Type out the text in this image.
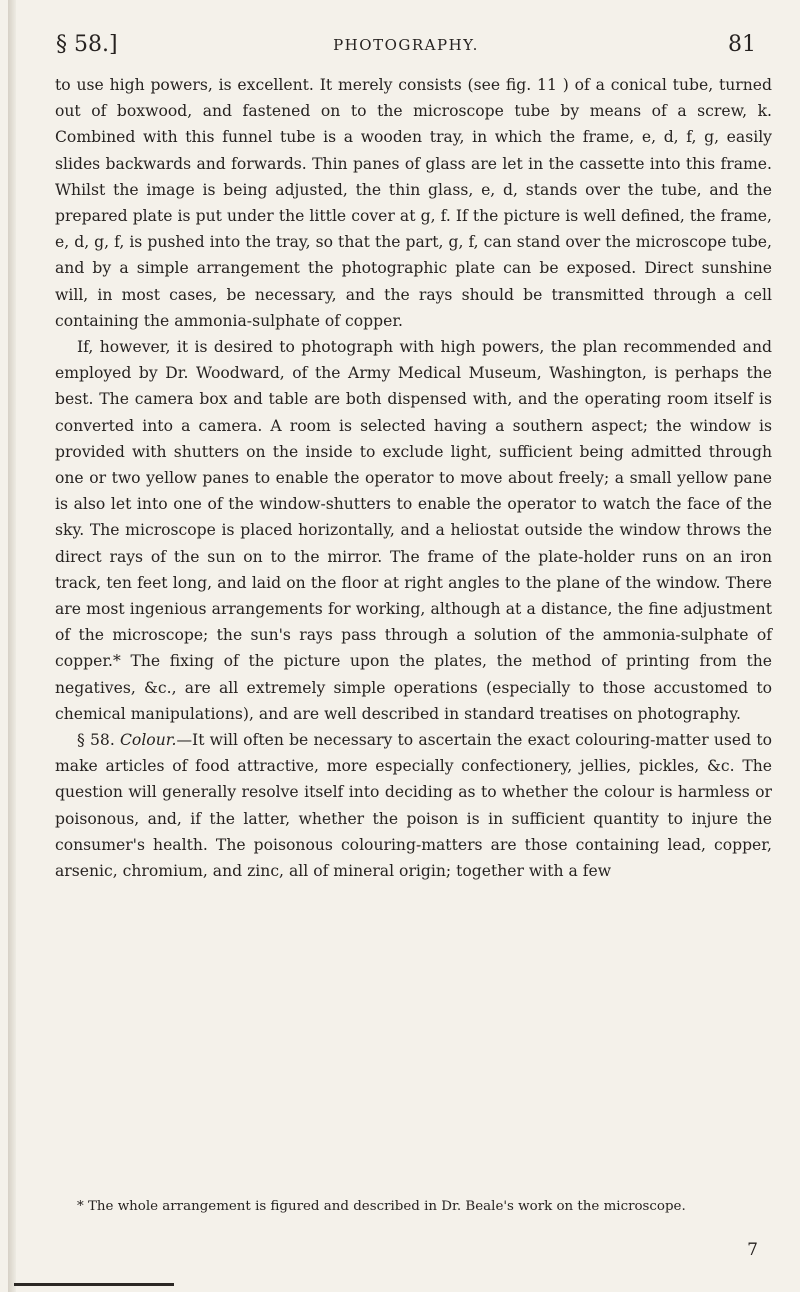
§ 58.]	PHOTOGRAPHY.	81

to use high powers, is excellent. It merely consists (see fig. 11 ) of a conical tube, turned out of boxwood, and fastened on to the microscope tube by means of a screw, k. Combined with this funnel tube is a wooden tray, in which the frame, e, d, f, g, easily slides backwards and forwards. Thin panes of glass are let in the cassette into this frame. Whilst the image is being adjusted, the thin glass, e, d, stands over the tube, and the prepared plate is put under the little cover at g, f. If the picture is well defined, the frame, e, d, g, f, is pushed into the tray, so that the part, g, f, can stand over the microscope tube, and by a simple arrangement the photographic plate can be exposed. Direct sunshine will, in most cases, be necessary, and the rays should be transmitted through a cell containing the ammonia-sulphate of copper.

If, however, it is desired to photograph with high powers, the plan recommended and employed by Dr. Woodward, of the Army Medical Museum, Washington, is perhaps the best. The camera box and table are both dispensed with, and the operating room itself is converted into a camera. A room is selected having a southern aspect; the window is provided with shutters on the inside to exclude light, sufficient being admitted through one or two yellow panes to enable the operator to move about freely; a small yellow pane is also let into one of the window-shutters to enable the operator to watch the face of the sky. The microscope is placed horizontally, and a heliostat outside the window throws the direct rays of the sun on to the mirror. The frame of the plate-holder runs on an iron track, ten feet long, and laid on the floor at right angles to the plane of the window. There are most ingenious arrangements for working, although at a distance, the fine adjustment of the microscope; the sun's rays pass through a solution of the ammonia-sulphate of copper.* The fixing of the picture upon the plates, the method of printing from the negatives, &c., are all extremely simple operations (especially to those accustomed to chemical manipulations), and are well described in standard treatises on photography.

§ 58. Colour.—It will often be necessary to ascertain the exact colouring-matter used to make articles of food attractive, more especially confectionery, jellies, pickles, &c. The question will generally resolve itself into deciding as to whether the colour is harmless or poisonous, and, if the latter, whether the poison is in sufficient quantity to injure the consumer's health. The poisonous colouring-matters are those containing lead, copper, arsenic, chromium, and zinc, all of mineral origin; together with a few

* The whole arrangement is figured and described in Dr. Beale's work on the microscope.

7
